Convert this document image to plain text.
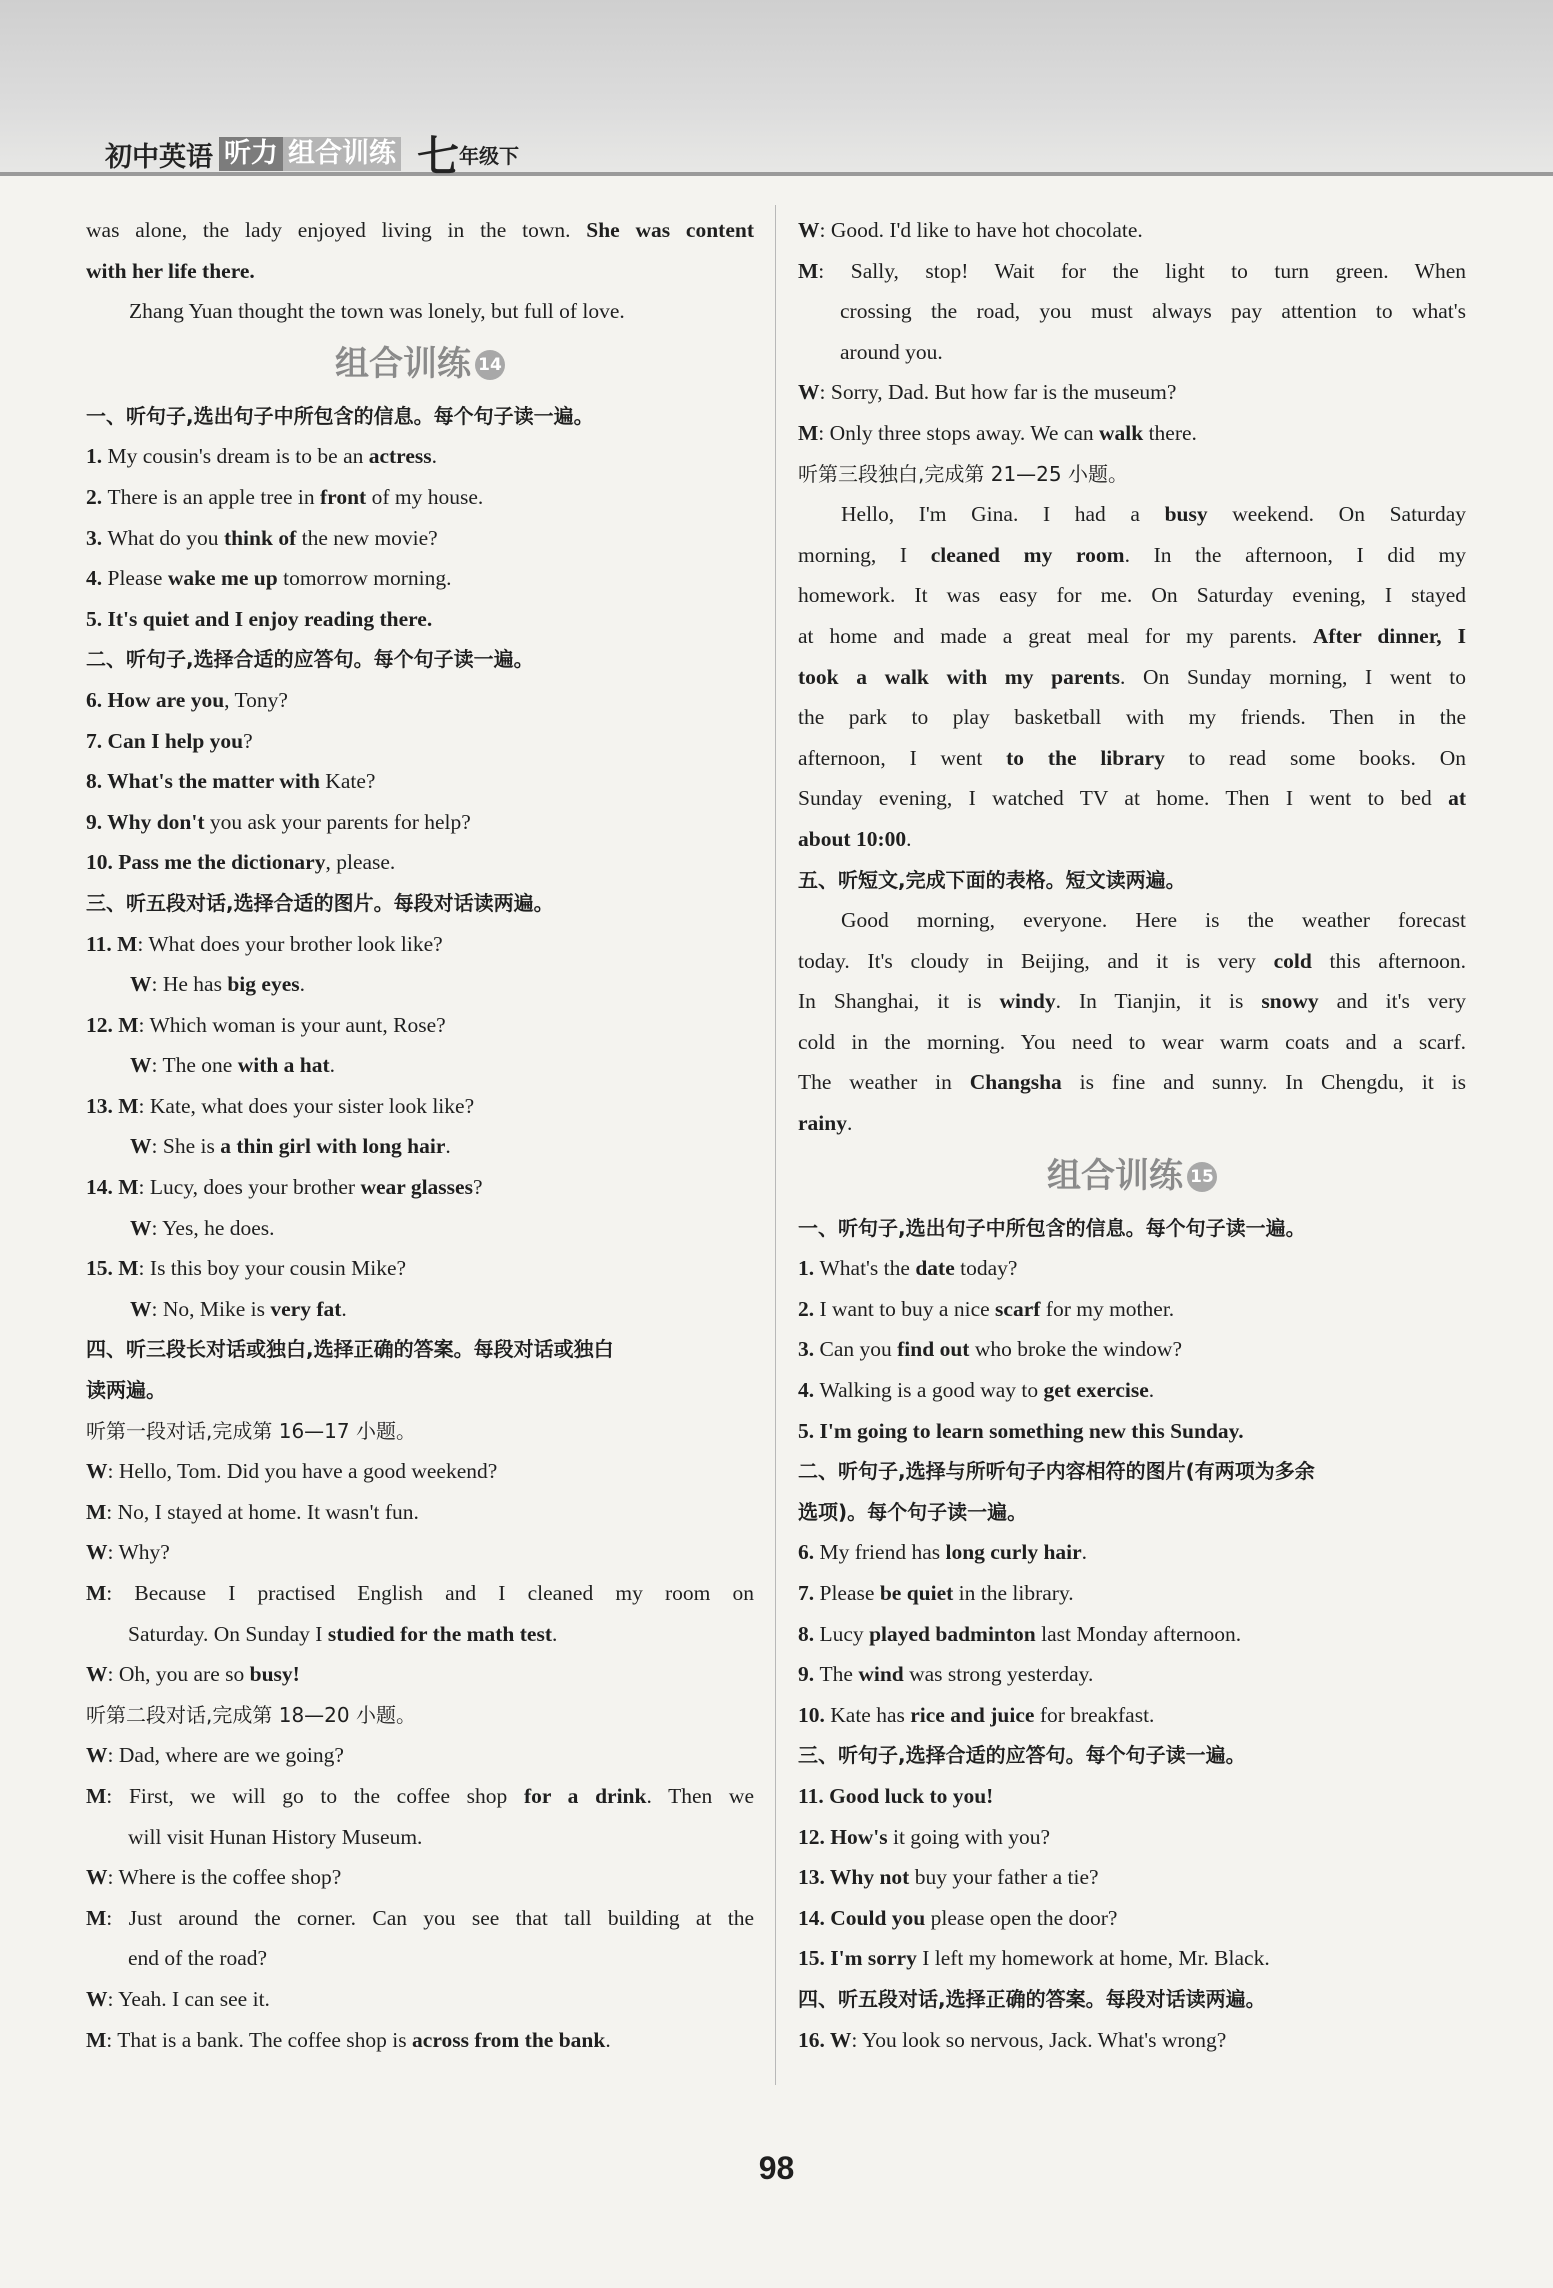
初中英语 听力 组合训练 七 年级下
was alone, the lady enjoyed living in the town. She was content
with her life there.
Zhang Yuan thought the town was lonely, but full of love.
组合训练 14
一、听句子,选出句子中所包含的信息。每个句子读一遍。
1. My cousin's dream is to be an actress.
2. There is an apple tree in front of my house.
3. What do you think of the new movie?
4. Please wake me up tomorrow morning.
5. It's quiet and I enjoy reading there.
二、听句子,选择合适的应答句。每个句子读一遍。
6. How are you, Tony?
7. Can I help you?
8. What's the matter with Kate?
9. Why don't you ask your parents for help?
10. Pass me the dictionary, please.
三、听五段对话,选择合适的图片。每段对话读两遍。
11. M: What does your brother look like?
W: He has big eyes.
12. M: Which woman is your aunt, Rose?
W: The one with a hat.
13. M: Kate, what does your sister look like?
W: She is a thin girl with long hair.
14. M: Lucy, does your brother wear glasses?
W: Yes, he does.
15. M: Is this boy your cousin Mike?
W: No, Mike is very fat.
四、听三段长对话或独白,选择正确的答案。每段对话或独白
读两遍。
听第一段对话,完成第 16—17 小题。
W: Hello, Tom. Did you have a good weekend?
M: No, I stayed at home. It wasn't fun.
W: Why?
M: Because I practised English and I cleaned my room on
Saturday. On Sunday I studied for the math test.
W: Oh, you are so busy!
听第二段对话,完成第 18—20 小题。
W: Dad, where are we going?
M: First, we will go to the coffee shop for a drink. Then we
will visit Hunan History Museum.
W: Where is the coffee shop?
M: Just around the corner. Can you see that tall building at the
end of the road?
W: Yeah. I can see it.
M: That is a bank. The coffee shop is across from the bank.
W: Good. I'd like to have hot chocolate.
M: Sally, stop! Wait for the light to turn green. When
crossing the road, you must always pay attention to what's
around you.
W: Sorry, Dad. But how far is the museum?
M: Only three stops away. We can walk there.
听第三段独白,完成第 21—25 小题。
Hello, I'm Gina. I had a busy weekend. On Saturday
morning, I cleaned my room. In the afternoon, I did my
homework. It was easy for me. On Saturday evening, I stayed
at home and made a great meal for my parents. After dinner, I
took a walk with my parents. On Sunday morning, I went to
the park to play basketball with my friends. Then in the
afternoon, I went to the library to read some books. On
Sunday evening, I watched TV at home. Then I went to bed at
about 10:00.
五、听短文,完成下面的表格。短文读两遍。
Good morning, everyone. Here is the weather forecast
today. It's cloudy in Beijing, and it is very cold this afternoon.
In Shanghai, it is windy. In Tianjin, it is snowy and it's very
cold in the morning. You need to wear warm coats and a scarf.
The weather in Changsha is fine and sunny. In Chengdu, it is
rainy.
组合训练 15
一、听句子,选出句子中所包含的信息。每个句子读一遍。
1. What's the date today?
2. I want to buy a nice scarf for my mother.
3. Can you find out who broke the window?
4. Walking is a good way to get exercise.
5. I'm going to learn something new this Sunday.
二、听句子,选择与所听句子内容相符的图片(有两项为多余
选项)。每个句子读一遍。
6. My friend has long curly hair.
7. Please be quiet in the library.
8. Lucy played badminton last Monday afternoon.
9. The wind was strong yesterday.
10. Kate has rice and juice for breakfast.
三、听句子,选择合适的应答句。每个句子读一遍。
11. Good luck to you!
12. How's it going with you?
13. Why not buy your father a tie?
14. Could you please open the door?
15. I'm sorry I left my homework at home, Mr. Black.
四、听五段对话,选择正确的答案。每段对话读两遍。
16. W: You look so nervous, Jack. What's wrong?
98
